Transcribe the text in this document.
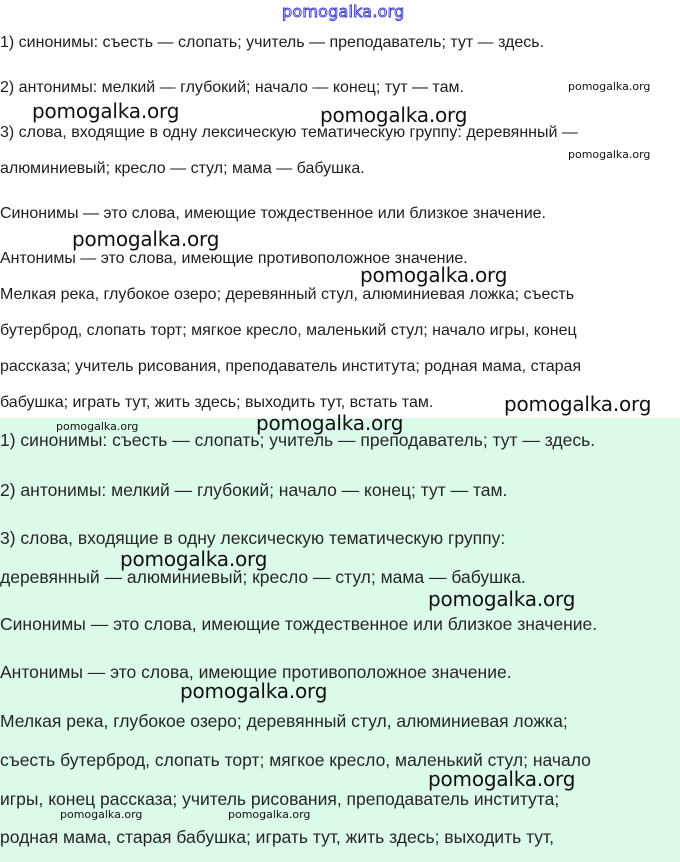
pomogalka.org
1) синонимы: съесть — слопать; учитель — преподаватель; тут — здесь.
2) антонимы: мелкий — глубокий; начало — конец; тут — там.
3) слова, входящие в одну лексическую тематическую группу: деревянный —
алюминиевый; кресло — стул; мама — бабушка.
Синонимы — это слова, имеющие тождественное или близкое значение.
Антонимы — это слова, имеющие противоположное значение.
Мелкая река, глубокое озеро; деревянный стул, алюминиевая ложка; съесть
бутерброд, слопать торт; мягкое кресло, маленький стул; начало игры, конец
рассказа; учитель рисования, преподаватель института; родная мама, старая
бабушка; играть тут, жить здесь; выходить тут, встать там.
1) синонимы: съесть — слопать; учитель — преподаватель; тут — здесь.
2) антонимы: мелкий — глубокий; начало — конец; тут — там.
3) слова, входящие в одну лексическую тематическую группу:
деревянный — алюминиевый; кресло — стул; мама — бабушка.
Синонимы — это слова, имеющие тождественное или близкое значение.
Антонимы — это слова, имеющие противоположное значение.
Мелкая река, глубокое озеро; деревянный стул, алюминиевая ложка;
съесть бутерброд, слопать торт; мягкое кресло, маленький стул; начало
игры, конец рассказа; учитель рисования, преподаватель института;
родная мама, старая бабушка; играть тут, жить здесь; выходить тут,
pomogalka.org
pomogalka.org	pomogalka.org
pomogalka.org
pomogalka.org
pomogalka.org
pomogalka.org
pomogalka.org	pomogalka.org
pomogalka.org
pomogalka.org
pomogalka.org
pomogalka.org
pomogalka.org	pomogalka.org
